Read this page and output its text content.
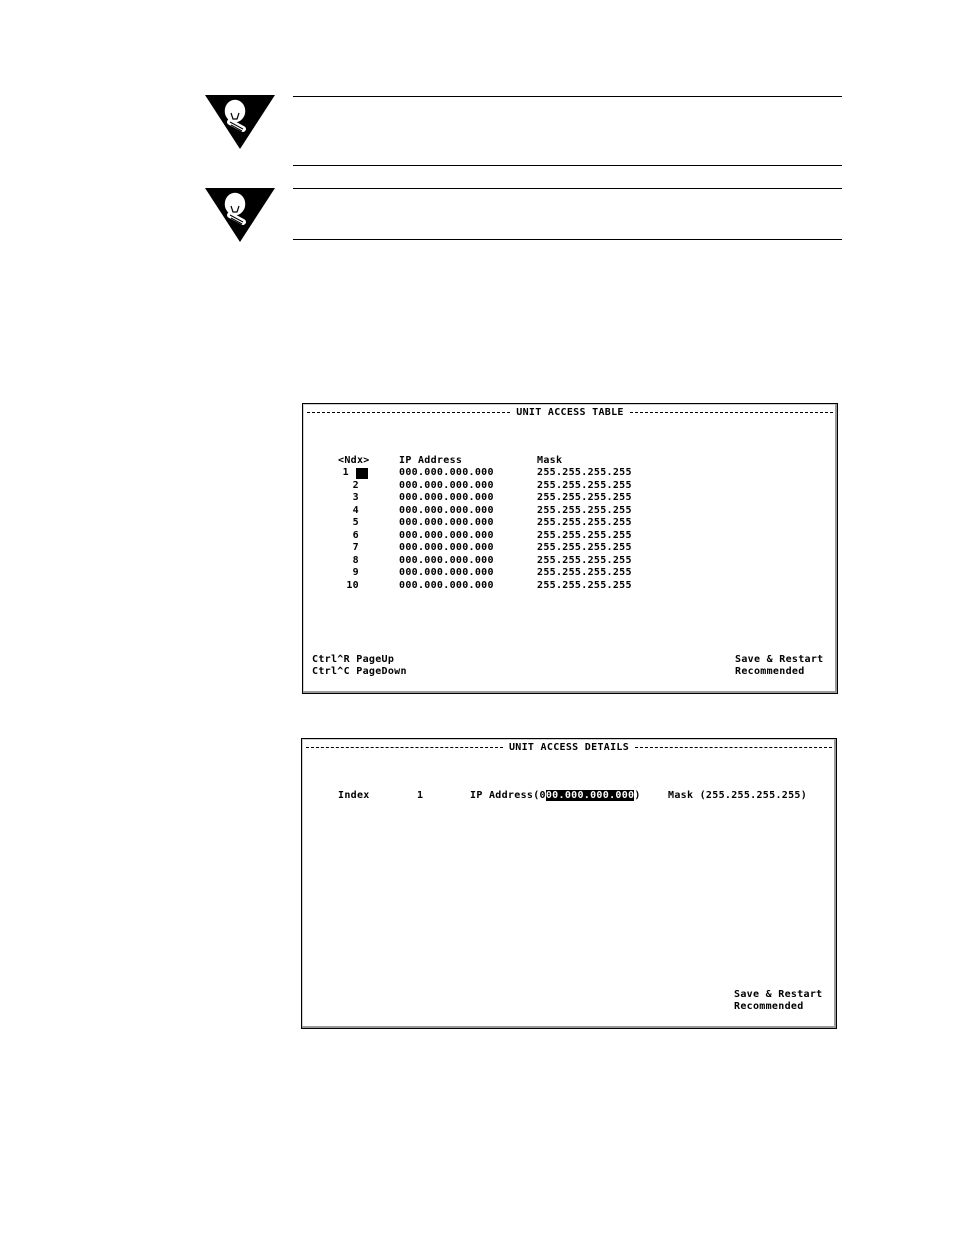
UNIT ACCESS TABLE
<Ndx>	IP Address	Mask
1	000.000.000.000	255.255.255.255
2	000.000.000.000	255.255.255.255
3	000.000.000.000	255.255.255.255
4	000.000.000.000	255.255.255.255
5	000.000.000.000	255.255.255.255
6	000.000.000.000	255.255.255.255
7	000.000.000.000	255.255.255.255
8	000.000.000.000	255.255.255.255
9	000.000.000.000	255.255.255.255
10	000.000.000.000	255.255.255.255
Ctrl^R PageUp
Ctrl^C PageDown
Save & Restart
Recommended
UNIT ACCESS DETAILS
Index	1	IP Address(000.000.000.000)	Mask (255.255.255.255)
Save & Restart
Recommended
